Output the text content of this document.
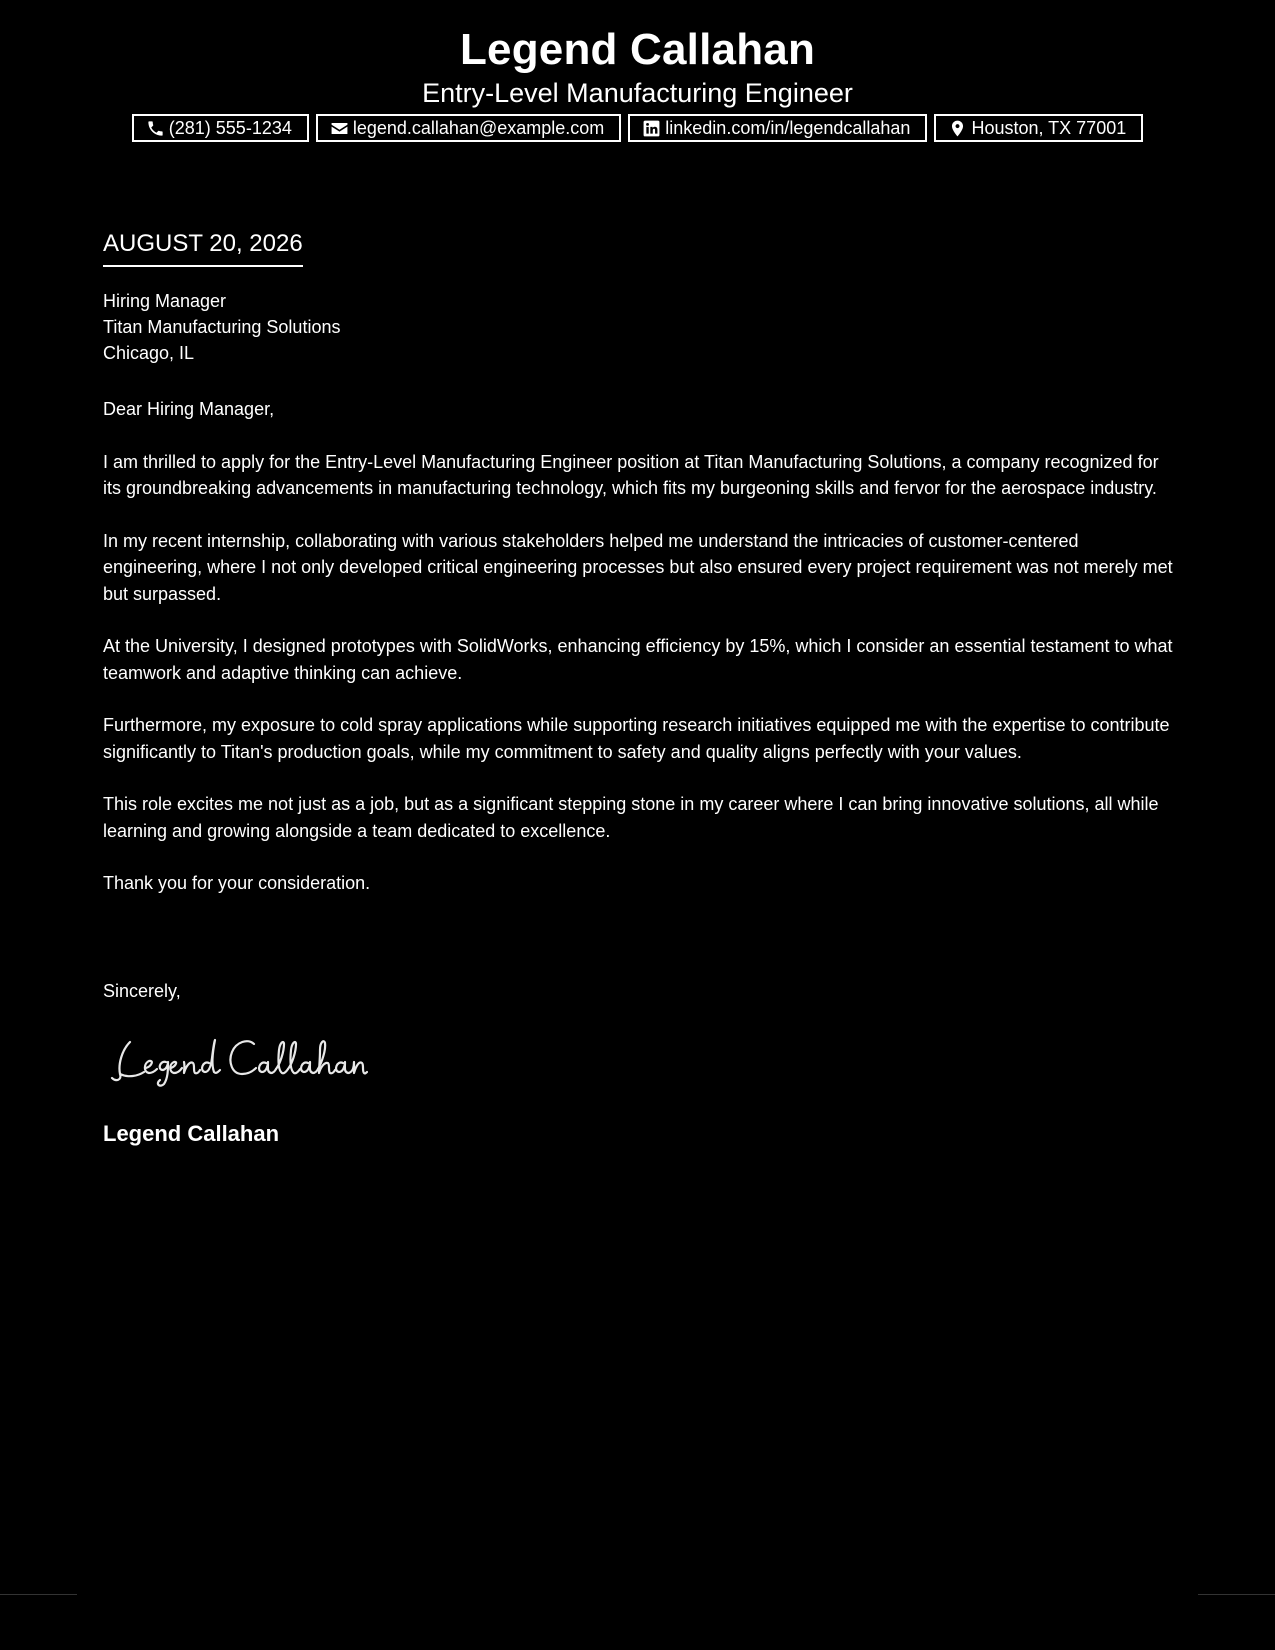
Legend Callahan
Entry-Level Manufacturing Engineer
(281) 555-1234	legend.callahan@example.com	linkedin.com/in/legendcallahan	Houston, TX 77001
AUGUST 20, 2026
Hiring Manager
Titan Manufacturing Solutions
Chicago, IL

Dear Hiring Manager,

I am thrilled to apply for the Entry-Level Manufacturing Engineer position at Titan Manufacturing Solutions, a company recognized for its groundbreaking advancements in manufacturing technology, which fits my burgeoning skills and fervor for the aerospace industry.

In my recent internship, collaborating with various stakeholders helped me understand the intricacies of customer-centered engineering, where I not only developed critical engineering processes but also ensured every project requirement was not merely met but surpassed.

At the University, I designed prototypes with SolidWorks, enhancing efficiency by 15%, which I consider an essential testament to what teamwork and adaptive thinking can achieve.

Furthermore, my exposure to cold spray applications while supporting research initiatives equipped me with the expertise to contribute significantly to Titan's production goals, while my commitment to safety and quality aligns perfectly with your values.

This role excites me not just as a job, but as a significant stepping stone in my career where I can bring innovative solutions, all while learning and growing alongside a team dedicated to excellence.

Thank you for your consideration.

Sincerely,
Legend Callahan
